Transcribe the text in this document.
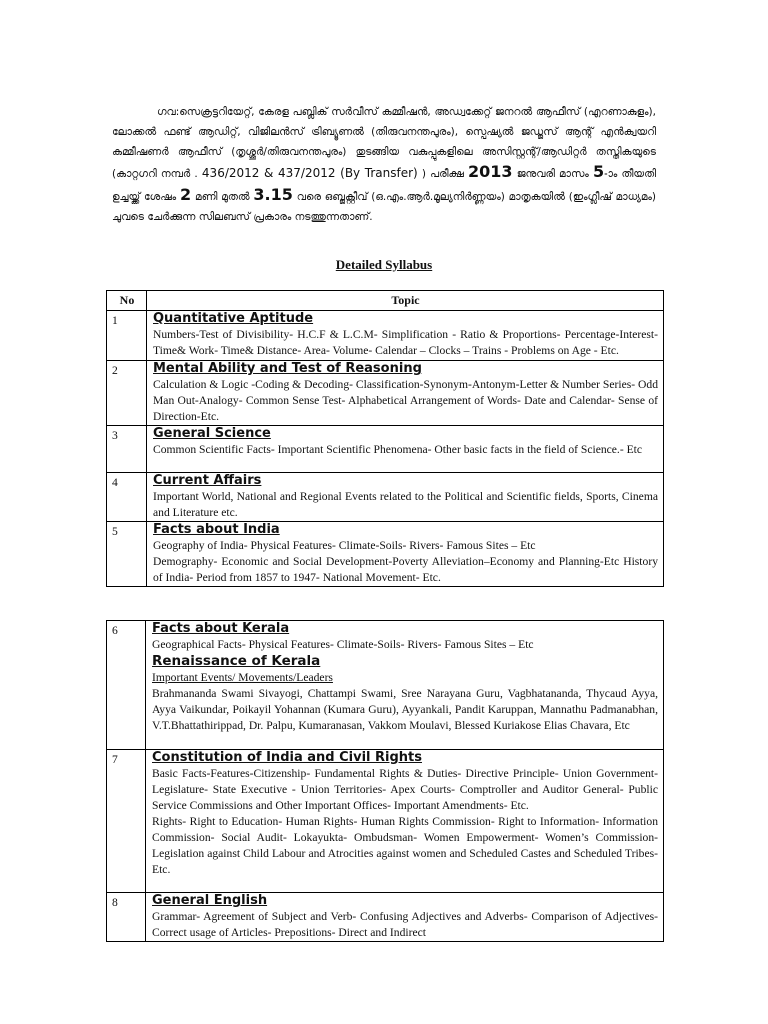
ഗവ:സെക്രട്ടറിയേറ്റ്, കേരള പബ്ലിക് സര്‍വീസ് കമ്മീഷന്‍, അഡ്വക്കേറ്റ് ജനറല്‍ ആഫീസ് (എറണാകുളം), ലോക്കല്‍ ഫണ്ട് ആഡിറ്റ്, വിജിലന്‍സ് ട്രിബ്യൂണല്‍ (തിരുവനന്തപുരം), സ്പെഷ്യല്‍ ജഡ്ജസ് ആന്റ് എന്‍ക്വയറി കമ്മീഷണര്‍ ആഫീസ് (തൃശ്ശൂര്‍/തിരുവനന്തപുരം) തുടങ്ങിയ വകുപ്പുകളിലെ അസിസ്റ്റന്റ്/ആഡിറ്റര്‍ തസ്തികയുടെ (കാറ്റഗറി നമ്പര്‍ . 436/2012 & 437/2012 (By Transfer) ) പരീക്ഷ 2013 ജനുവരി മാസം 5-ാം തീയതി ഉച്ചയ്ക്ക് ശേഷം 2 മണി മുതല്‍ 3.15 വരെ ഒബ്ജക്റ്റീവ് (ഒ.എം.ആര്‍.മൂല്യനിര്‍ണ്ണയം) മാതൃകയില്‍ (ഇംഗ്ലീഷ് മാധ്യമം) ചുവടെ ചേര്‍ക്കുന്ന സിലബസ് പ്രകാരം നടത്തുന്നതാണ്.

Detailed Syllabus
No	Topic
1	Quantitative Aptitude
Numbers-Test of Divisibility- H.C.F & L.C.M- Simplification - Ratio & Proportions- Percentage-Interest-Time& Work- Time& Distance- Area- Volume- Calendar – Clocks – Trains - Problems on Age - Etc.

2	Mental Ability and Test of Reasoning
Calculation & Logic -Coding & Decoding- Classification-Synonym-Antonym-Letter & Number Series- Odd Man Out-Analogy- Common Sense Test- Alphabetical Arrangement of Words- Date and Calendar- Sense of Direction-Etc.

3	General Science
Common Scientific Facts- Important Scientific Phenomena- Other basic facts in the field of Science.- Etc

4	Current Affairs
Important World, National and Regional Events related to the Political and Scientific fields, Sports, Cinema and Literature etc.

5	Facts about India
Geography of India- Physical Features- Climate-Soils- Rivers- Famous Sites – Etc
Demography- Economic and Social Development-Poverty Alleviation–Economy and Planning-Etc History of India- Period from 1857 to 1947- National Movement- Etc.
6	Facts about Kerala
Geographical Facts- Physical Features- Climate-Soils- Rivers- Famous Sites – Etc
Renaissance of Kerala
Important Events/ Movements/Leaders
Brahmananda Swami Sivayogi, Chattampi Swami, Sree Narayana Guru, Vagbhatananda, Thycaud Ayya, Ayya Vaikundar, Poikayil Yohannan (Kumara Guru), Ayyankali, Pandit Karuppan, Mannathu Padmanabhan, V.T.Bhattathirippad, Dr. Palpu, Kumaranasan, Vakkom Moulavi, Blessed Kuriakose Elias Chavara, Etc

7	Constitution of India and Civil Rights
Basic Facts-Features-Citizenship- Fundamental Rights & Duties- Directive Principle- Union Government- Legislature- State Executive - Union Territories- Apex Courts- Comptroller and Auditor General- Public Service Commissions and Other Important Offices- Important Amendments- Etc.
Rights- Right to Education- Human Rights- Human Rights Commission- Right to Information- Information Commission- Social Audit- Lokayukta- Ombudsman- Women Empowerment- Women’s Commission- Legislation against Child Labour and Atrocities against women and Scheduled Castes and Scheduled Tribes- Etc.

8	General English
Grammar- Agreement of Subject and Verb- Confusing Adjectives and Adverbs- Comparison of Adjectives- Correct usage of Articles- Prepositions- Direct and Indirect
